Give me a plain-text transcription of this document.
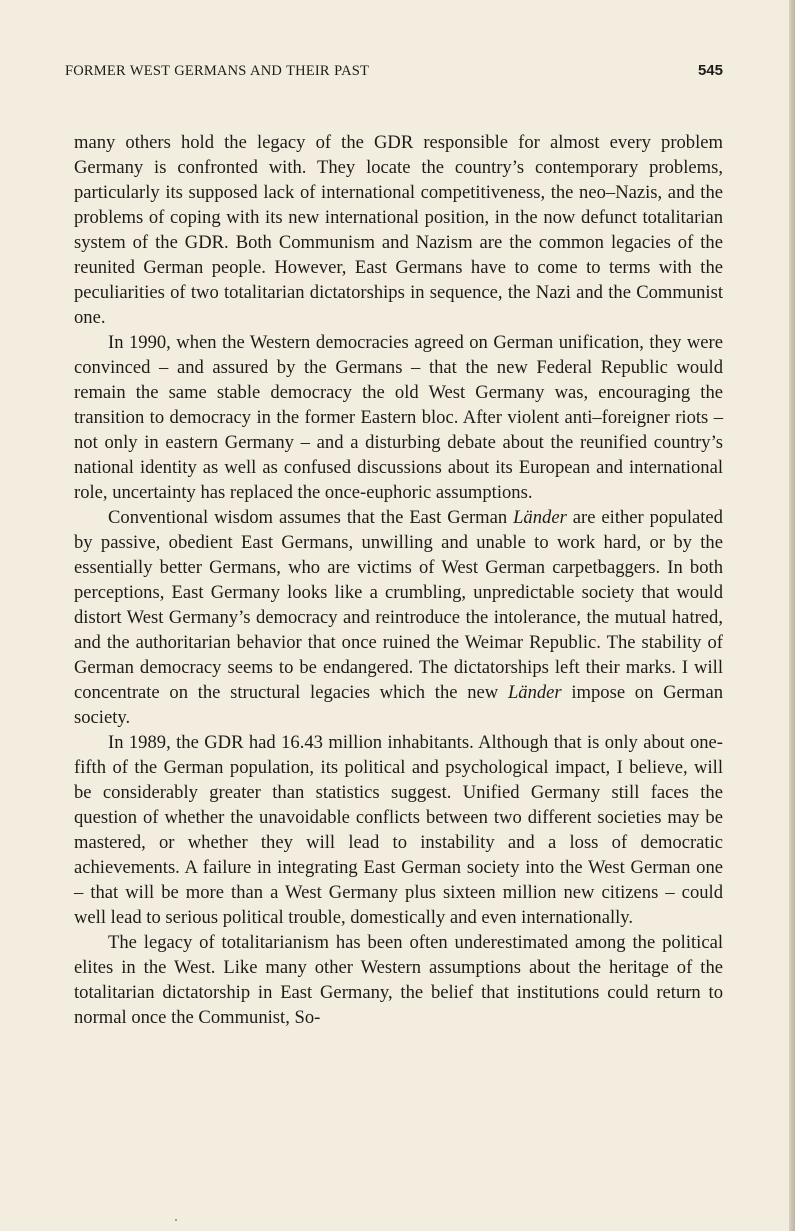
FORMER WEST GERMANS AND THEIR PAST	545

many others hold the legacy of the GDR responsible for almost every problem Germany is confronted with. They locate the country’s contemporary problems, particularly its supposed lack of international competitiveness, the neo–Nazis, and the problems of coping with its new international position, in the now defunct totalitarian system of the GDR. Both Communism and Nazism are the common legacies of the reunited German people. However, East Germans have to come to terms with the peculiarities of two totalitarian dictatorships in sequence, the Nazi and the Communist one.

In 1990, when the Western democracies agreed on German unification, they were convinced – and assured by the Germans – that the new Federal Republic would remain the same stable democracy the old West Germany was, encouraging the transition to democracy in the former Eastern bloc. After violent anti–foreigner riots – not only in eastern Germany – and a disturbing debate about the reunified country’s national identity as well as confused discussions about its European and international role, uncertainty has replaced the once-euphoric assumptions.

Conventional wisdom assumes that the East German Länder are either populated by passive, obedient East Germans, unwilling and unable to work hard, or by the essentially better Germans, who are victims of West German carpetbaggers. In both perceptions, East Germany looks like a crumbling, unpredictable society that would distort West Germany’s democracy and reintroduce the intolerance, the mutual hatred, and the authoritarian behavior that once ruined the Weimar Republic. The stability of German democracy seems to be endangered. The dictatorships left their marks. I will concentrate on the structural legacies which the new Länder impose on German society.

In 1989, the GDR had 16.43 million inhabitants. Although that is only about one-fifth of the German population, its political and psychological impact, I believe, will be considerably greater than statistics suggest. Unified Germany still faces the question of whether the unavoidable conflicts between two different societies may be mastered, or whether they will lead to instability and a loss of democratic achievements. A failure in integrating East German society into the West German one – that will be more than a West Germany plus sixteen million new citizens – could well lead to serious political trouble, domestically and even internationally.

The legacy of totalitarianism has been often underestimated among the political elites in the West. Like many other Western assumptions about the heritage of the totalitarian dictatorship in East Germany, the belief that institutions could return to normal once the Communist, So-
